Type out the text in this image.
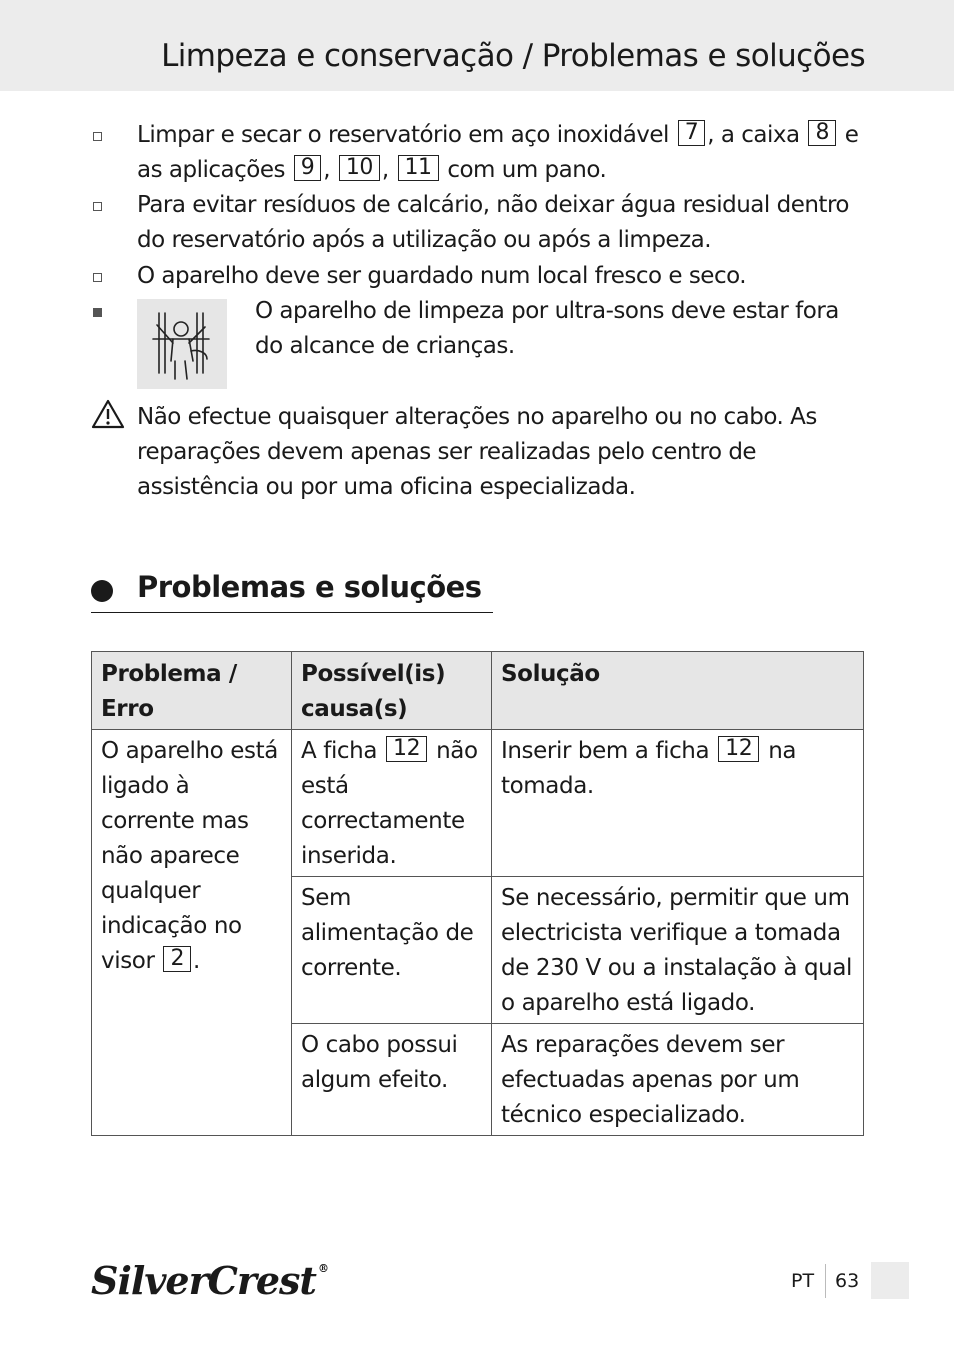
Limpeza e conservação / Problemas e soluções
Limpar e secar o reservatório em aço inoxidável 7 , a caixa 8 e as aplicações 9 , 10 , 11 com um pano.
Para evitar resíduos de calcário, não deixar água residual dentro do reservatório após a utilização ou após a limpeza.
O aparelho deve ser guardado num local fresco e seco.
O aparelho de limpeza por ultra-sons deve estar fora do alcance de crianças.
Não efectue quaisquer alterações no aparelho ou no cabo. As reparações devem apenas ser realizadas pelo centro de assistência ou por uma oficina especializada.
Problemas e soluções
Problema / Erro	Possível(is) causa(s)	Solução
O aparelho está ligado à corrente mas não aparece qualquer indicação no visor 2 .	A ficha 12 não está correctamente inserida.	Inserir bem a ficha 12 na tomada.
	Sem alimentação de corrente.	Se necessário, permitir que um electricista verifique a tomada de 230 V ou a instalação à qual o aparelho está ligado.
	O cabo possui algum efeito.	As reparações devem ser efectuadas apenas por um técnico especializado.
SilverCrest ®
PT 63
